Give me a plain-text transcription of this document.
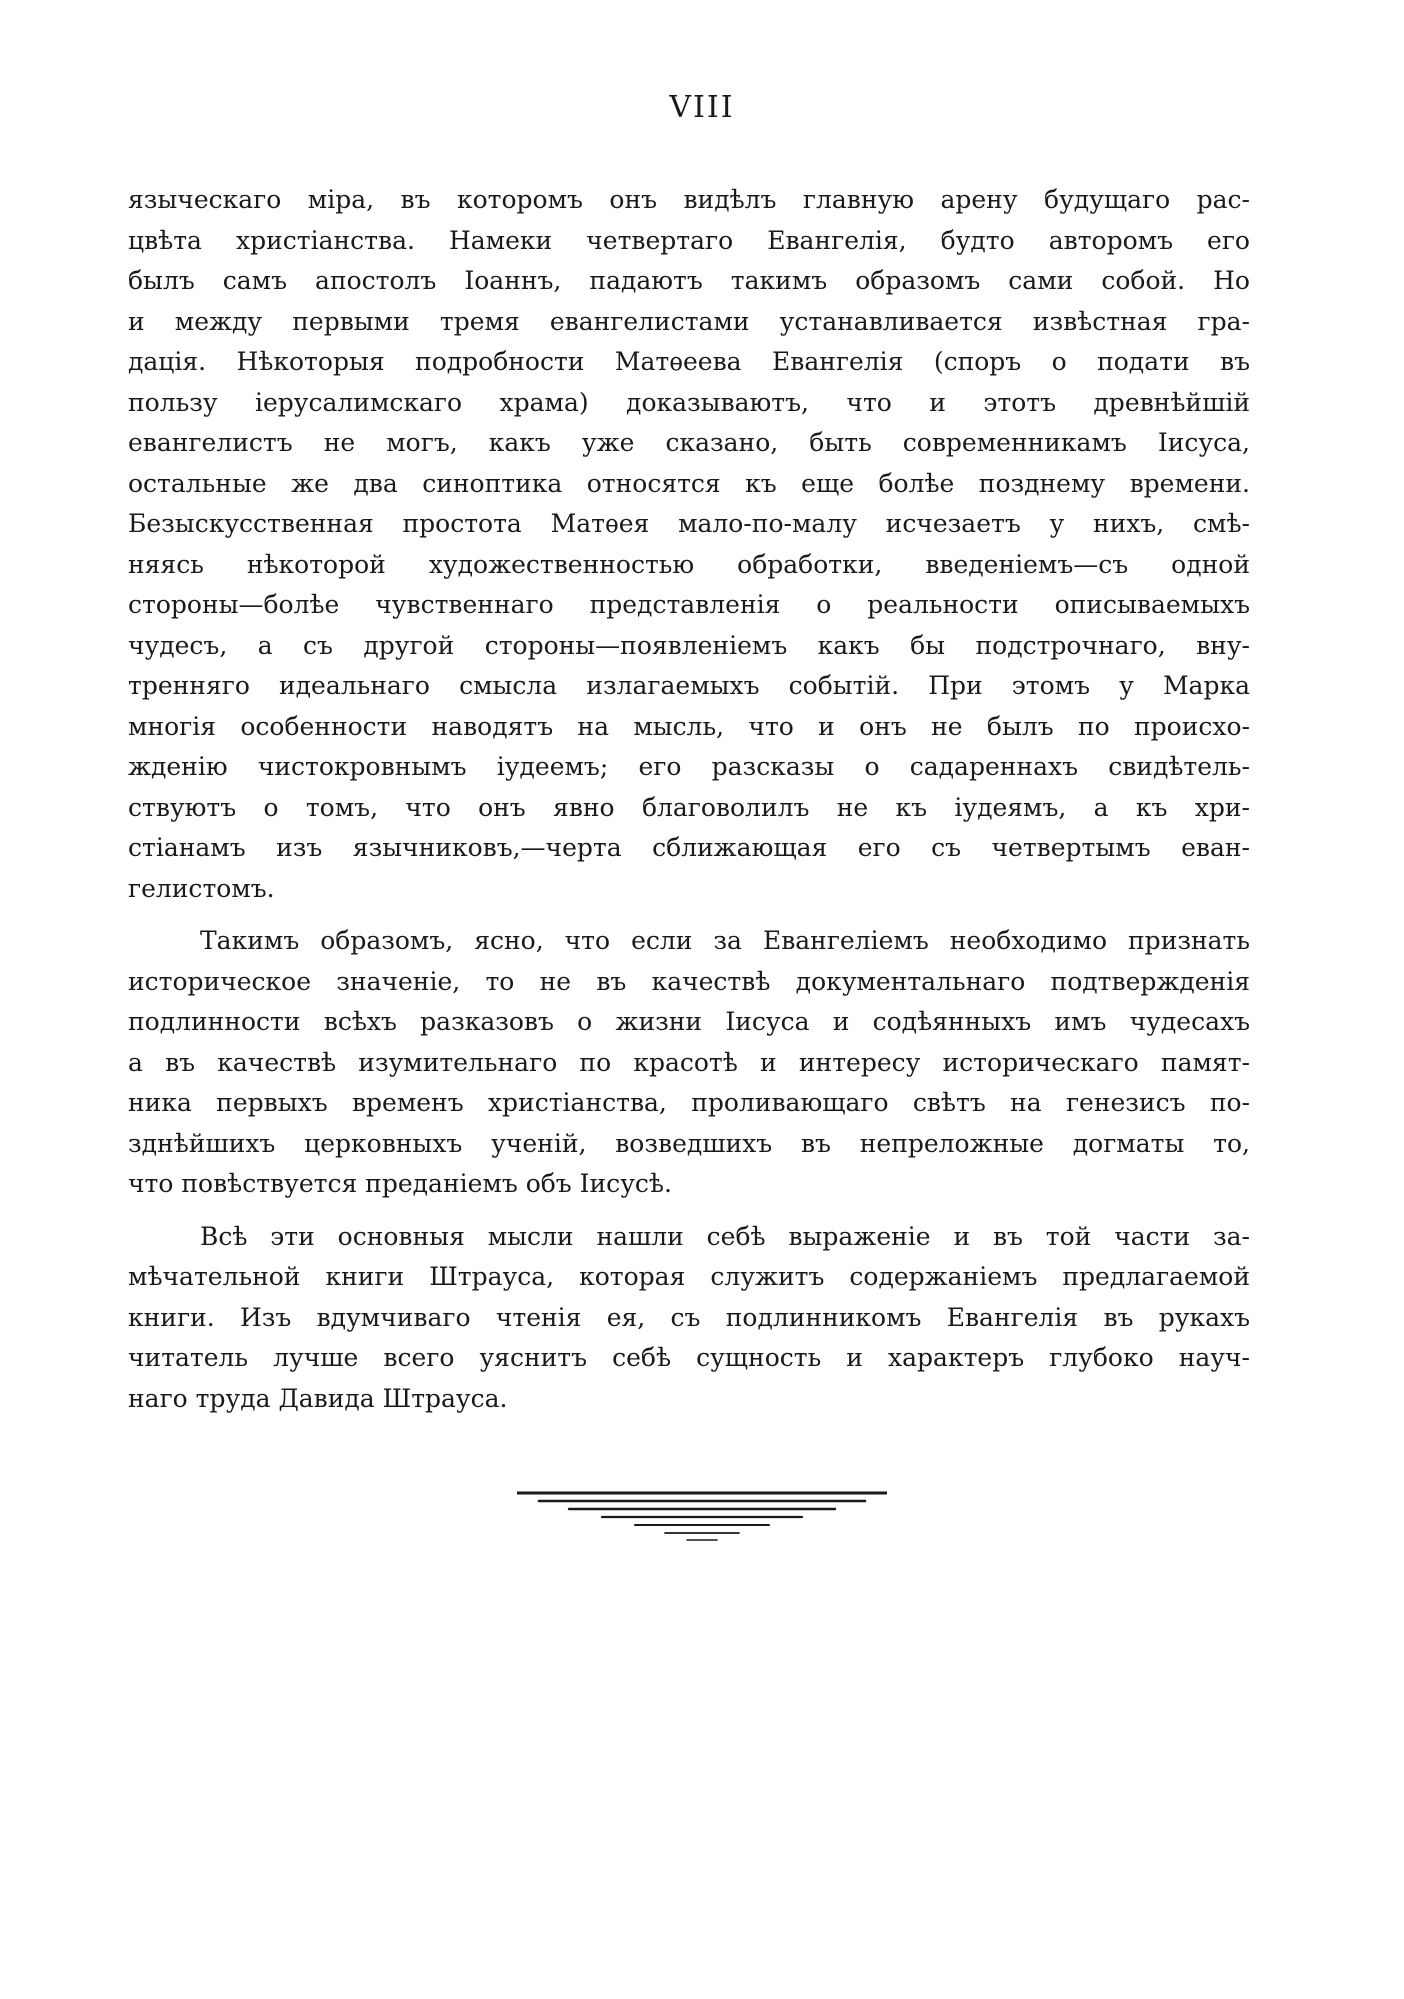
VIII
языческаго міра, въ которомъ онъ видѣлъ главную арену будущаго рас-
цвѣта христіанства. Намеки четвертаго Евангелія, будто авторомъ его
былъ самъ апостолъ Іоаннъ, падаютъ такимъ образомъ сами собой. Но
и между первыми тремя евангелистами устанавливается извѣстная гра-
дація. Нѣкоторыя подробности Матѳеева Евангелія (споръ о подати въ
пользу іерусалимскаго храма) доказываютъ, что и этотъ древнѣйшій
евангелистъ не могъ, какъ уже сказано, быть современникамъ Іисуса,
остальные же два синоптика относятся къ еще болѣе позднему времени.
Безыскусственная простота Матѳея мало-по-малу исчезаетъ у нихъ, смѣ-
няясь нѣкоторой художественностью обработки, введеніемъ—съ одной
стороны—болѣе чувственнаго представленія о реальности описываемыхъ
чудесъ, а съ другой стороны—появленіемъ какъ бы подстрочнаго, вну-
тренняго идеальнаго смысла излагаемыхъ событій. При этомъ у Марка
многія особенности наводятъ на мысль, что и онъ не былъ по происхо-
жденію чистокровнымъ іудеемъ; его разсказы о садареннахъ свидѣтель-
ствуютъ о томъ, что онъ явно благоволилъ не къ іудеямъ, а къ хри-
стіанамъ изъ язычниковъ,—черта сближающая его съ четвертымъ еван-
гелистомъ.
Такимъ образомъ, ясно, что если за Евангеліемъ необходимо признать
историческое значеніе, то не въ качествѣ документальнаго подтвержденія
подлинности всѣхъ разказовъ о жизни Іисуса и содѣянныхъ имъ чудесахъ
а въ качествѣ изумительнаго по красотѣ и интересу историческаго памят-
ника первыхъ временъ христіанства, проливающаго свѣтъ на генезисъ по-
зднѣйшихъ церковныхъ ученій, возведшихъ въ непреложные догматы то,
что повѣствуется преданіемъ объ Іисусѣ.
Всѣ эти основныя мысли нашли себѣ выраженіе и въ той части за-
мѣчательной книги Штрауса, которая служитъ содержаніемъ предлагаемой
книги. Изъ вдумчиваго чтенія ея, съ подлинникомъ Евангелія въ рукахъ
читатель лучше всего уяснитъ себѣ сущность и характеръ глубоко науч-
наго труда Давида Штрауса.
